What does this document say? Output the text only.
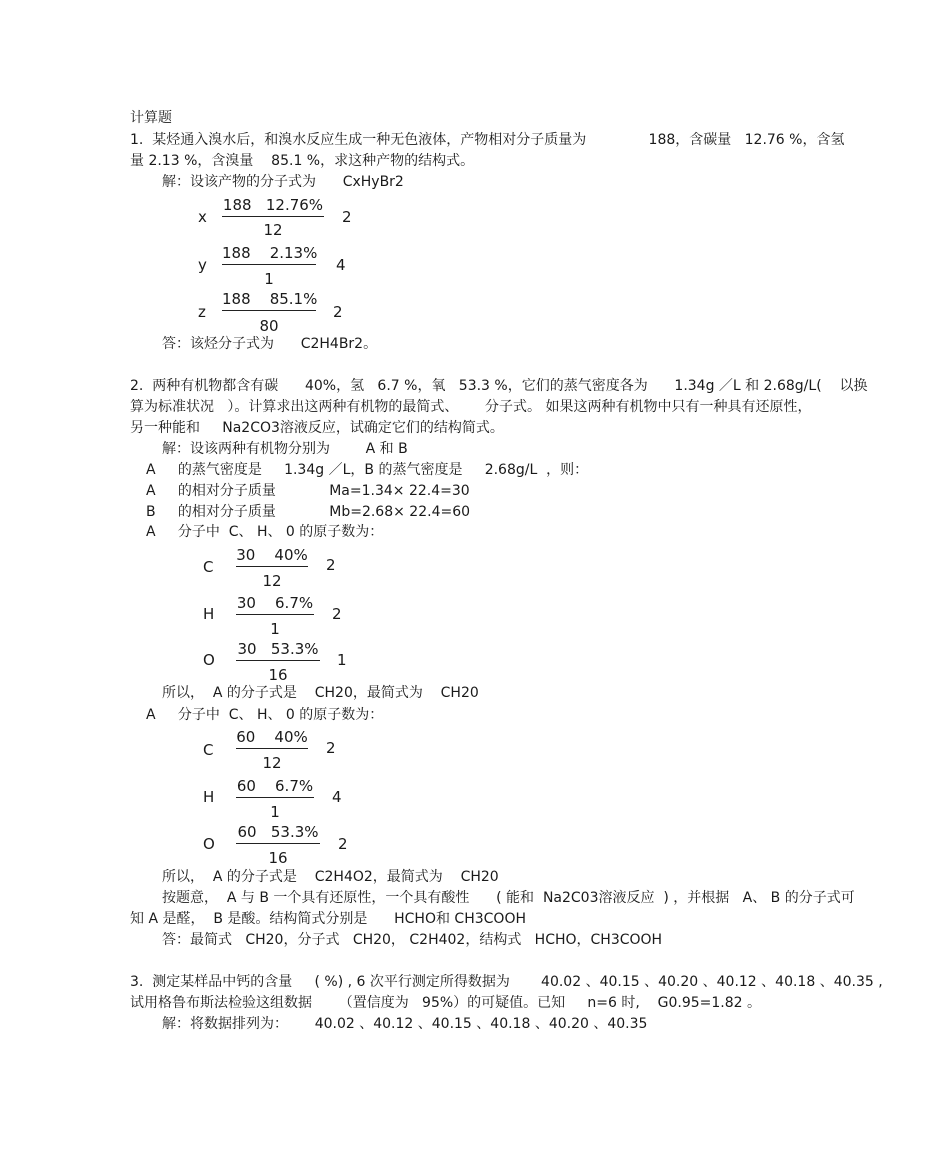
计算题
1.  某烃通入溴水后，和溴水反应生成一种无色液体，产物相对分子质量为              188，含碳量   12.76 %，含氢
量 2.13 %，含溴量    85.1 %，求这种产物的结构式。
解：设该产物的分子式为      CxHyBr2
x
188   12.76%
12
2
y
188    2.13%
1
4
z
188    85.1%
80
2
答：该烃分子式为      C2H4Br2。
2.  两种有机物都含有碳      40%，氢   6.7 %，氧   53.3 %，它们的蒸气密度各为      1.34g ／L 和 2.68g/L(    以换
算为标准状况   ）。计算求出这两种有机物的最简式、      分子式。 如果这两种有机物中只有一种具有还原性，
另一种能和     Na2CO3溶液反应，试确定它们的结构简式。
解：设该两种有机物分别为        A 和 B
A     的蒸气密度是     1.34g ／L，B 的蒸气密度是     2.68g/L  ，则：
A     的相对分子质量            Ma=1.34× 22.4=30
B     的相对分子质量            Mb=2.68× 22.4=60
A     分子中  C、 H、 0 的原子数为：
C
30    40%
12
2
H
30    6.7%
1
2
O
30   53.3%
16
1
所以，  A 的分子式是    CH20，最简式为    CH20
A     分子中  C、 H、 0 的原子数为：
C
60    40%
12
2
H
60    6.7%
1
4
O
60   53.3%
16
2
所以，  A 的分子式是    C2H4O2，最简式为    CH20
按题意，  A 与 B 一个具有还原性，一个具有酸性      ( 能和  Na2C03溶液反应  ) ，并根据   A、 B 的分子式可
知 A 是醛，  B 是酸。结构简式分别是      HCHO和 CH3COOH
答：最简式   CH20，分子式   CH20， C2H402，结构式   HCHO，CH3COOH
3.  测定某样品中钙的含量     ( %) , 6 次平行测定所得数据为       40.02 、40.15 、40.20 、40.12 、40.18 、40.35 ,
试用格鲁布斯法检验这组数据      （置信度为   95%）的可疑值。已知     n=6 时,    G0.95=1.82 。
解：将数据排列为：      40.02 、40.12 、40.15 、40.18 、40.20 、40.35
